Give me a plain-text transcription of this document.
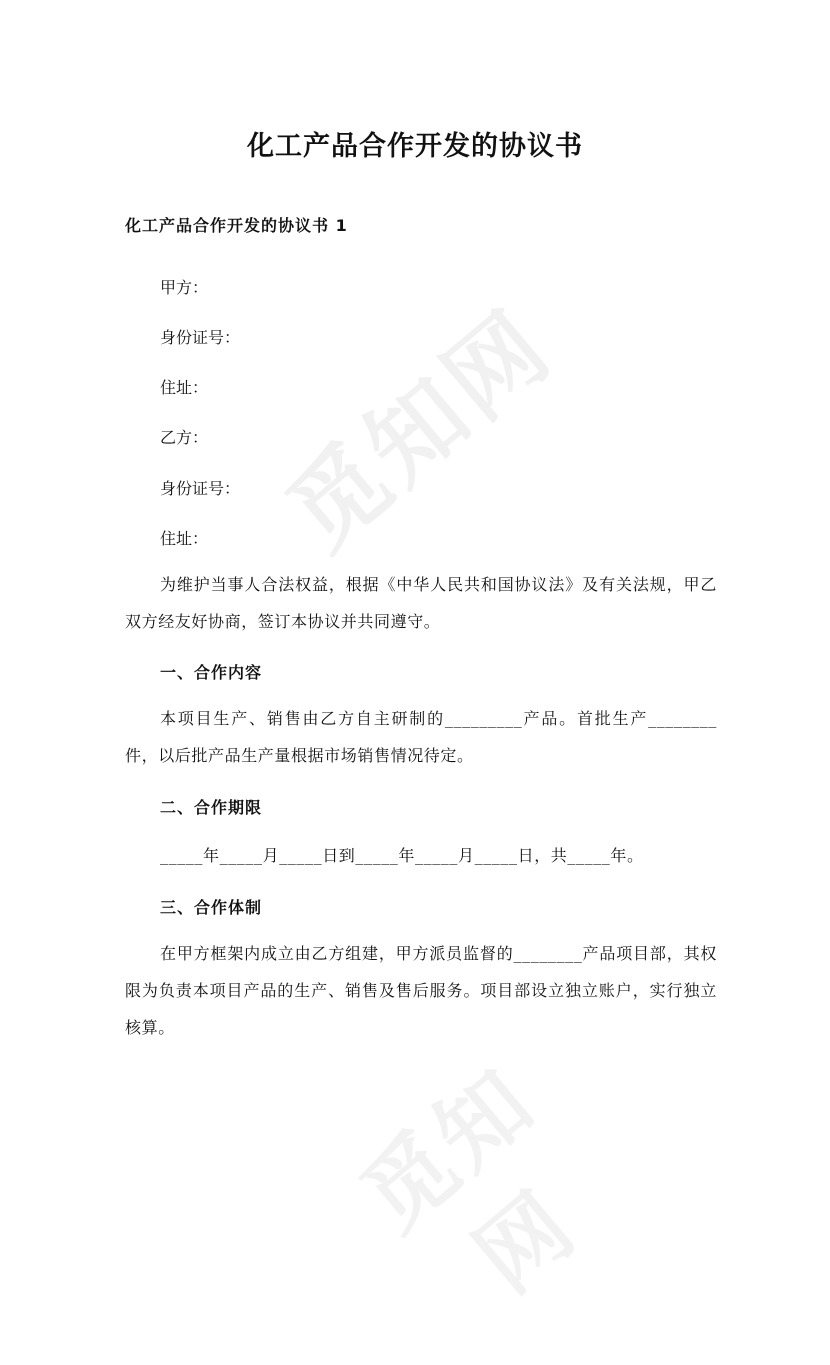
觅知网
觅知网
化工产品合作开发的协议书
化工产品合作开发的协议书 1
甲方：
身份证号：
住址：
乙方：
身份证号：
住址：
为维护当事人合法权益，根据《中华人民共和国协议法》及有关法规，甲乙双方经友好协商，签订本协议并共同遵守。
一、合作内容
本项目生产、销售由乙方自主研制的_________产品。首批生产________件，以后批产品生产量根据市场销售情况待定。
二、合作期限
_____年_____月_____日到_____年_____月_____日，共_____年。
三、合作体制
在甲方框架内成立由乙方组建，甲方派员监督的________产品项目部，其权限为负责本项目产品的生产、销售及售后服务。项目部设立独立账户，实行独立核算。
